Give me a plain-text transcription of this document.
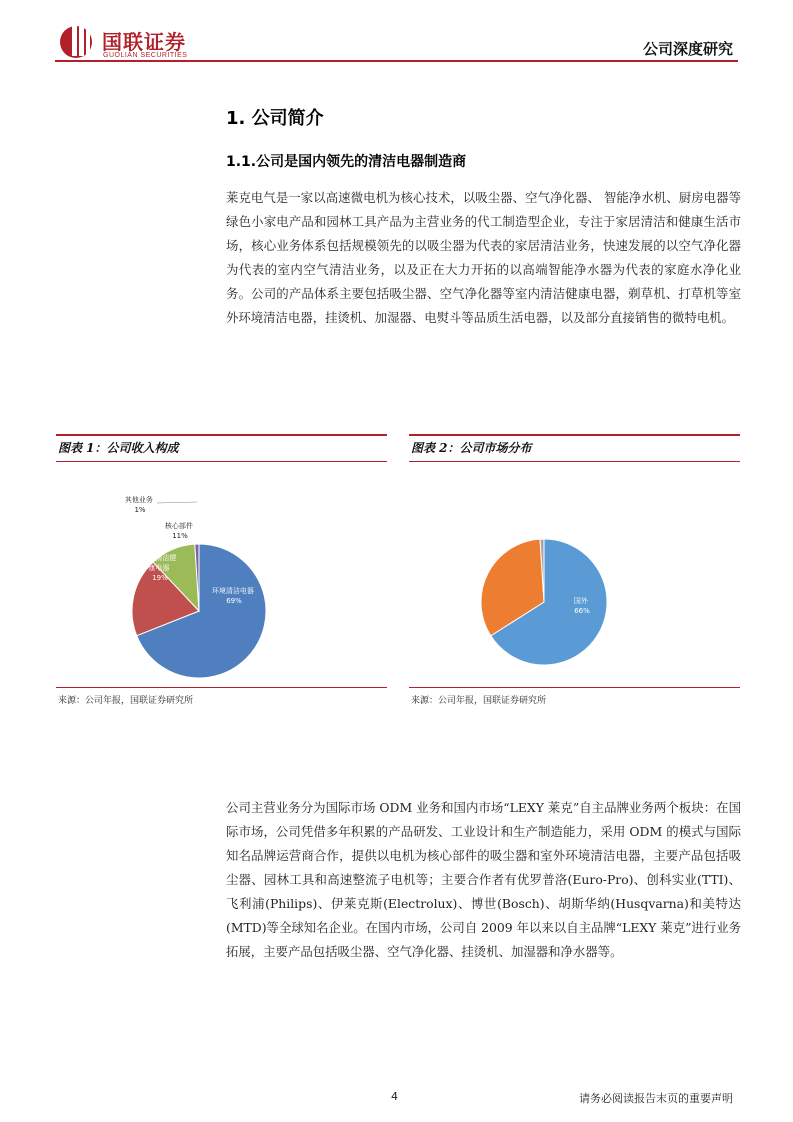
国联证券
GUOLIAN SECURITIES	公司深度研究
1. 公司简介
1.1.公司是国内领先的清洁电器制造商

莱克电气是一家以高速微电机为核心技术，以吸尘器、空气净化器、 智能净水机、厨房电器等绿色小家电产品和园林工具产品为主营业务的代工制造型企业，专注于家居清洁和健康生活市场，核心业务体系包括规模领先的以吸尘器为代表的家居清洁业务，快速发展的以空气净化器为代表的室内空气清洁业务，以及正在大力开拓的以高端智能净水器为代表的家庭水净化业务。公司的产品体系主要包括吸尘器、空气净化器等室内清洁健康电器，剃草机、打草机等室外环境清洁电器，挂烫机、加湿器、电熨斗等品质生活电器，以及部分直接销售的微特电机。

图表 1：公司收入构成
环境清洁电器 69%
家居清洁健 康电器 19%
核心部件 11%
其他业务 1%
来源：公司年报，国联证券研究所
图表 2：公司市场分布
大陆 33%
国外 66%
来源：公司年报，国联证券研究所

公司主营业务分为国际市场 ODM 业务和国内市场“LEXY 莱克”自主品牌业务两个板块：在国际市场，公司凭借多年积累的产品研发、工业设计和生产制造能力，采用 ODM 的模式与国际知名品牌运营商合作，提供以电机为核心部件的吸尘器和室外环境清洁电器，主要产品包括吸尘器、园林工具和高速整流子电机等；主要合作者有优罗普洛(Euro-Pro)、创科实业(TTI)、飞利浦(Philips)、伊莱克斯(Electrolux)、博世(Bosch)、胡斯华纳(Husqvarna)和美特达(MTD)等全球知名企业。在国内市场，公司自 2009 年以来以自主品牌“LEXY 莱克”进行业务拓展，主要产品包括吸尘器、空气净化器、挂烫机、加湿器和净水器等。

4	请务必阅读报告末页的重要声明
